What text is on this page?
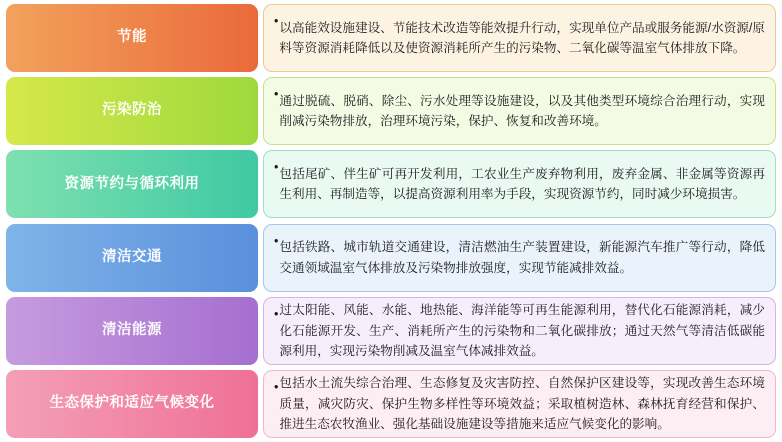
节能
• 以高能效设施建设、节能技术改造等能效提升行动，实现单位产品或服务能源/水资源/原料等资源消耗降低以及使资源消耗所产生的污染物、二氧化碳等温室气体排放下降。
污染防治
• 通过脱硫、脱硝、除尘、污水处理等设施建设，以及其他类型环境综合治理行动，实现削减污染物排放，治理环境污染，保护、恢复和改善环境。
资源节约与循环利用
• 包括尾矿、伴生矿可再开发利用，工农业生产废弃物利用，废弃金属、非金属等资源再生利用、再制造等，以提高资源利用率为手段，实现资源节约，同时减少环境损害。
清洁交通
• 包括铁路、城市轨道交通建设，清洁燃油生产装置建设，新能源汽车推广等行动，降低交通领域温室气体排放及污染物排放强度，实现节能减排效益。
清洁能源
• 过太阳能、风能、水能、地热能、海洋能等可再生能源利用，替代化石能源消耗，减少化石能源开发、生产、消耗所产生的污染物和二氧化碳排放；通过天然气等清洁低碳能源利用，实现污染物削减及温室气体减排效益。
生态保护和适应气候变化
• 包括水土流失综合治理、生态修复及灾害防控、自然保护区建设等，实现改善生态环境质量，减灾防灾、保护生物多样性等环境效益；采取植树造林、森林抚育经营和保护、推进生态农牧渔业、强化基础设施建设等措施来适应气候变化的影响。
